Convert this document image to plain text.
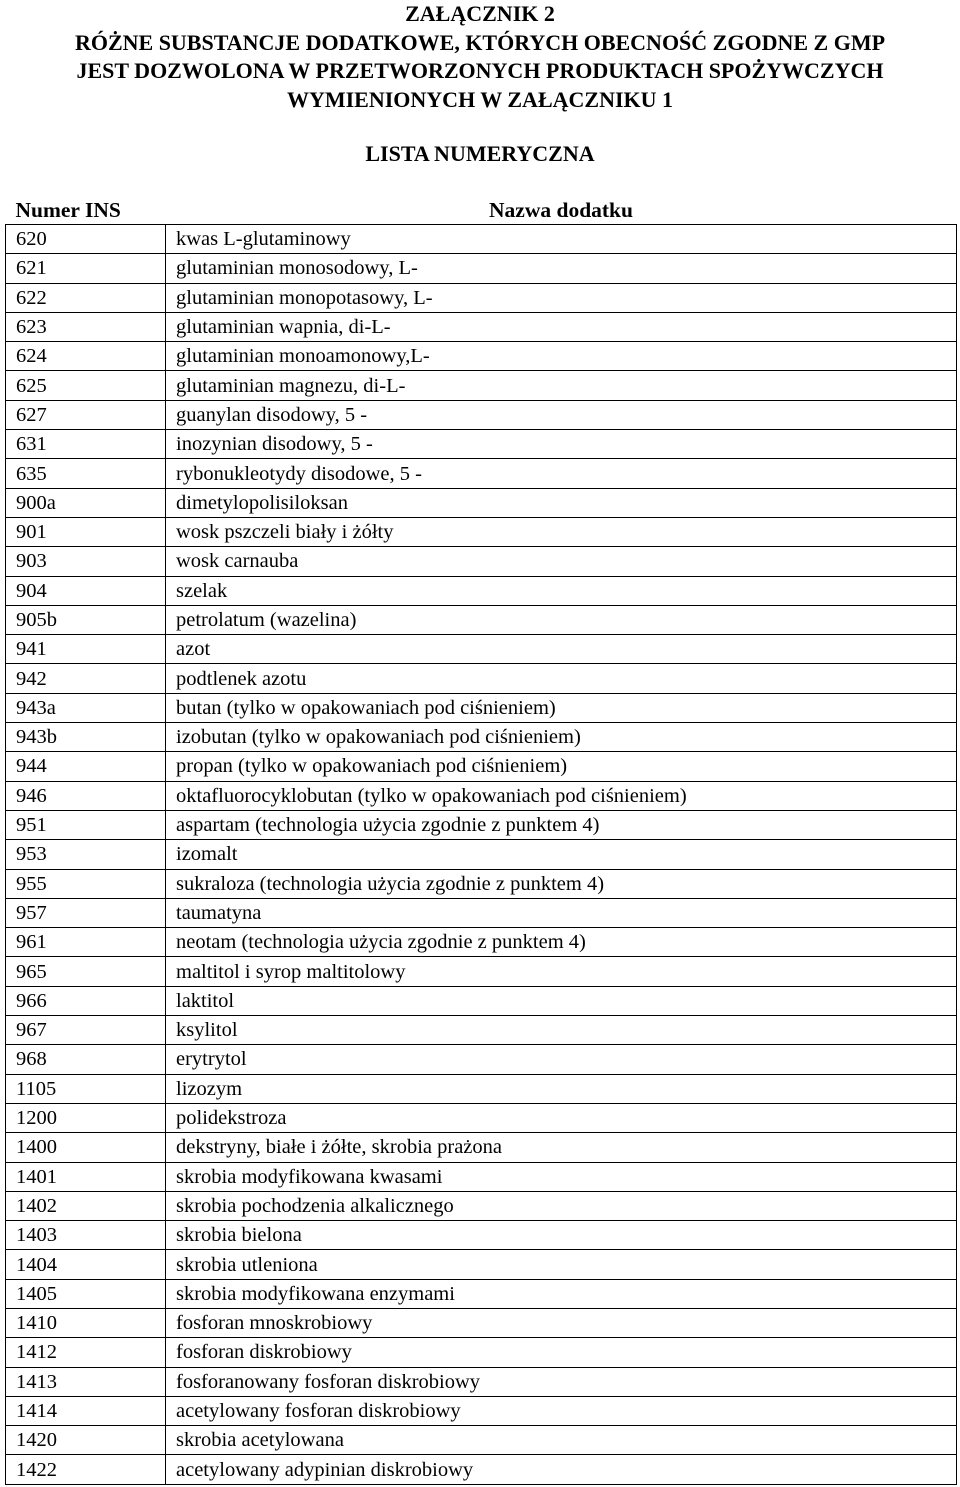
ZAŁĄCZNIK 2
RÓŻNE SUBSTANCJE DODATKOWE, KTÓRYCH OBECNOŚĆ ZGODNE Z GMP
JEST DOZWOLONA W PRZETWORZONYCH PRODUKTACH SPOŻYWCZYCH
WYMIENIONYCH W ZAŁĄCZNIKU 1
LISTA NUMERYCZNA
Numer INS	Nazwa dodatku
620	kwas L-glutaminowy
621	glutaminian monosodowy, L-
622	glutaminian monopotasowy, L-
623	glutaminian wapnia, di-L-
624	glutaminian monoamonowy,L-
625	glutaminian magnezu, di-L-
627	guanylan disodowy, 5 -
631	inozynian disodowy, 5 -
635	rybonukleotydy disodowe, 5 -
900a	dimetylopolisiloksan
901	wosk pszczeli biały i żółty
903	wosk carnauba
904	szelak
905b	petrolatum (wazelina)
941	azot
942	podtlenek azotu
943a	butan (tylko w opakowaniach pod ciśnieniem)
943b	izobutan (tylko w opakowaniach pod ciśnieniem)
944	propan (tylko w opakowaniach pod ciśnieniem)
946	oktafluorocyklobutan (tylko w opakowaniach pod ciśnieniem)
951	aspartam (technologia użycia zgodnie z punktem 4)
953	izomalt
955	sukraloza (technologia użycia zgodnie z punktem 4)
957	taumatyna
961	neotam (technologia użycia zgodnie z punktem 4)
965	maltitol i syrop maltitolowy
966	laktitol
967	ksylitol
968	erytrytol
1105	lizozym
1200	polidekstroza
1400	dekstryny, białe i żółte, skrobia prażona
1401	skrobia modyfikowana kwasami
1402	skrobia pochodzenia alkalicznego
1403	skrobia bielona
1404	skrobia utleniona
1405	skrobia modyfikowana enzymami
1410	fosforan mnoskrobiowy
1412	fosforan diskrobiowy
1413	fosforanowany fosforan diskrobiowy
1414	acetylowany fosforan diskrobiowy
1420	skrobia acetylowana
1422	acetylowany adypinian diskrobiowy
